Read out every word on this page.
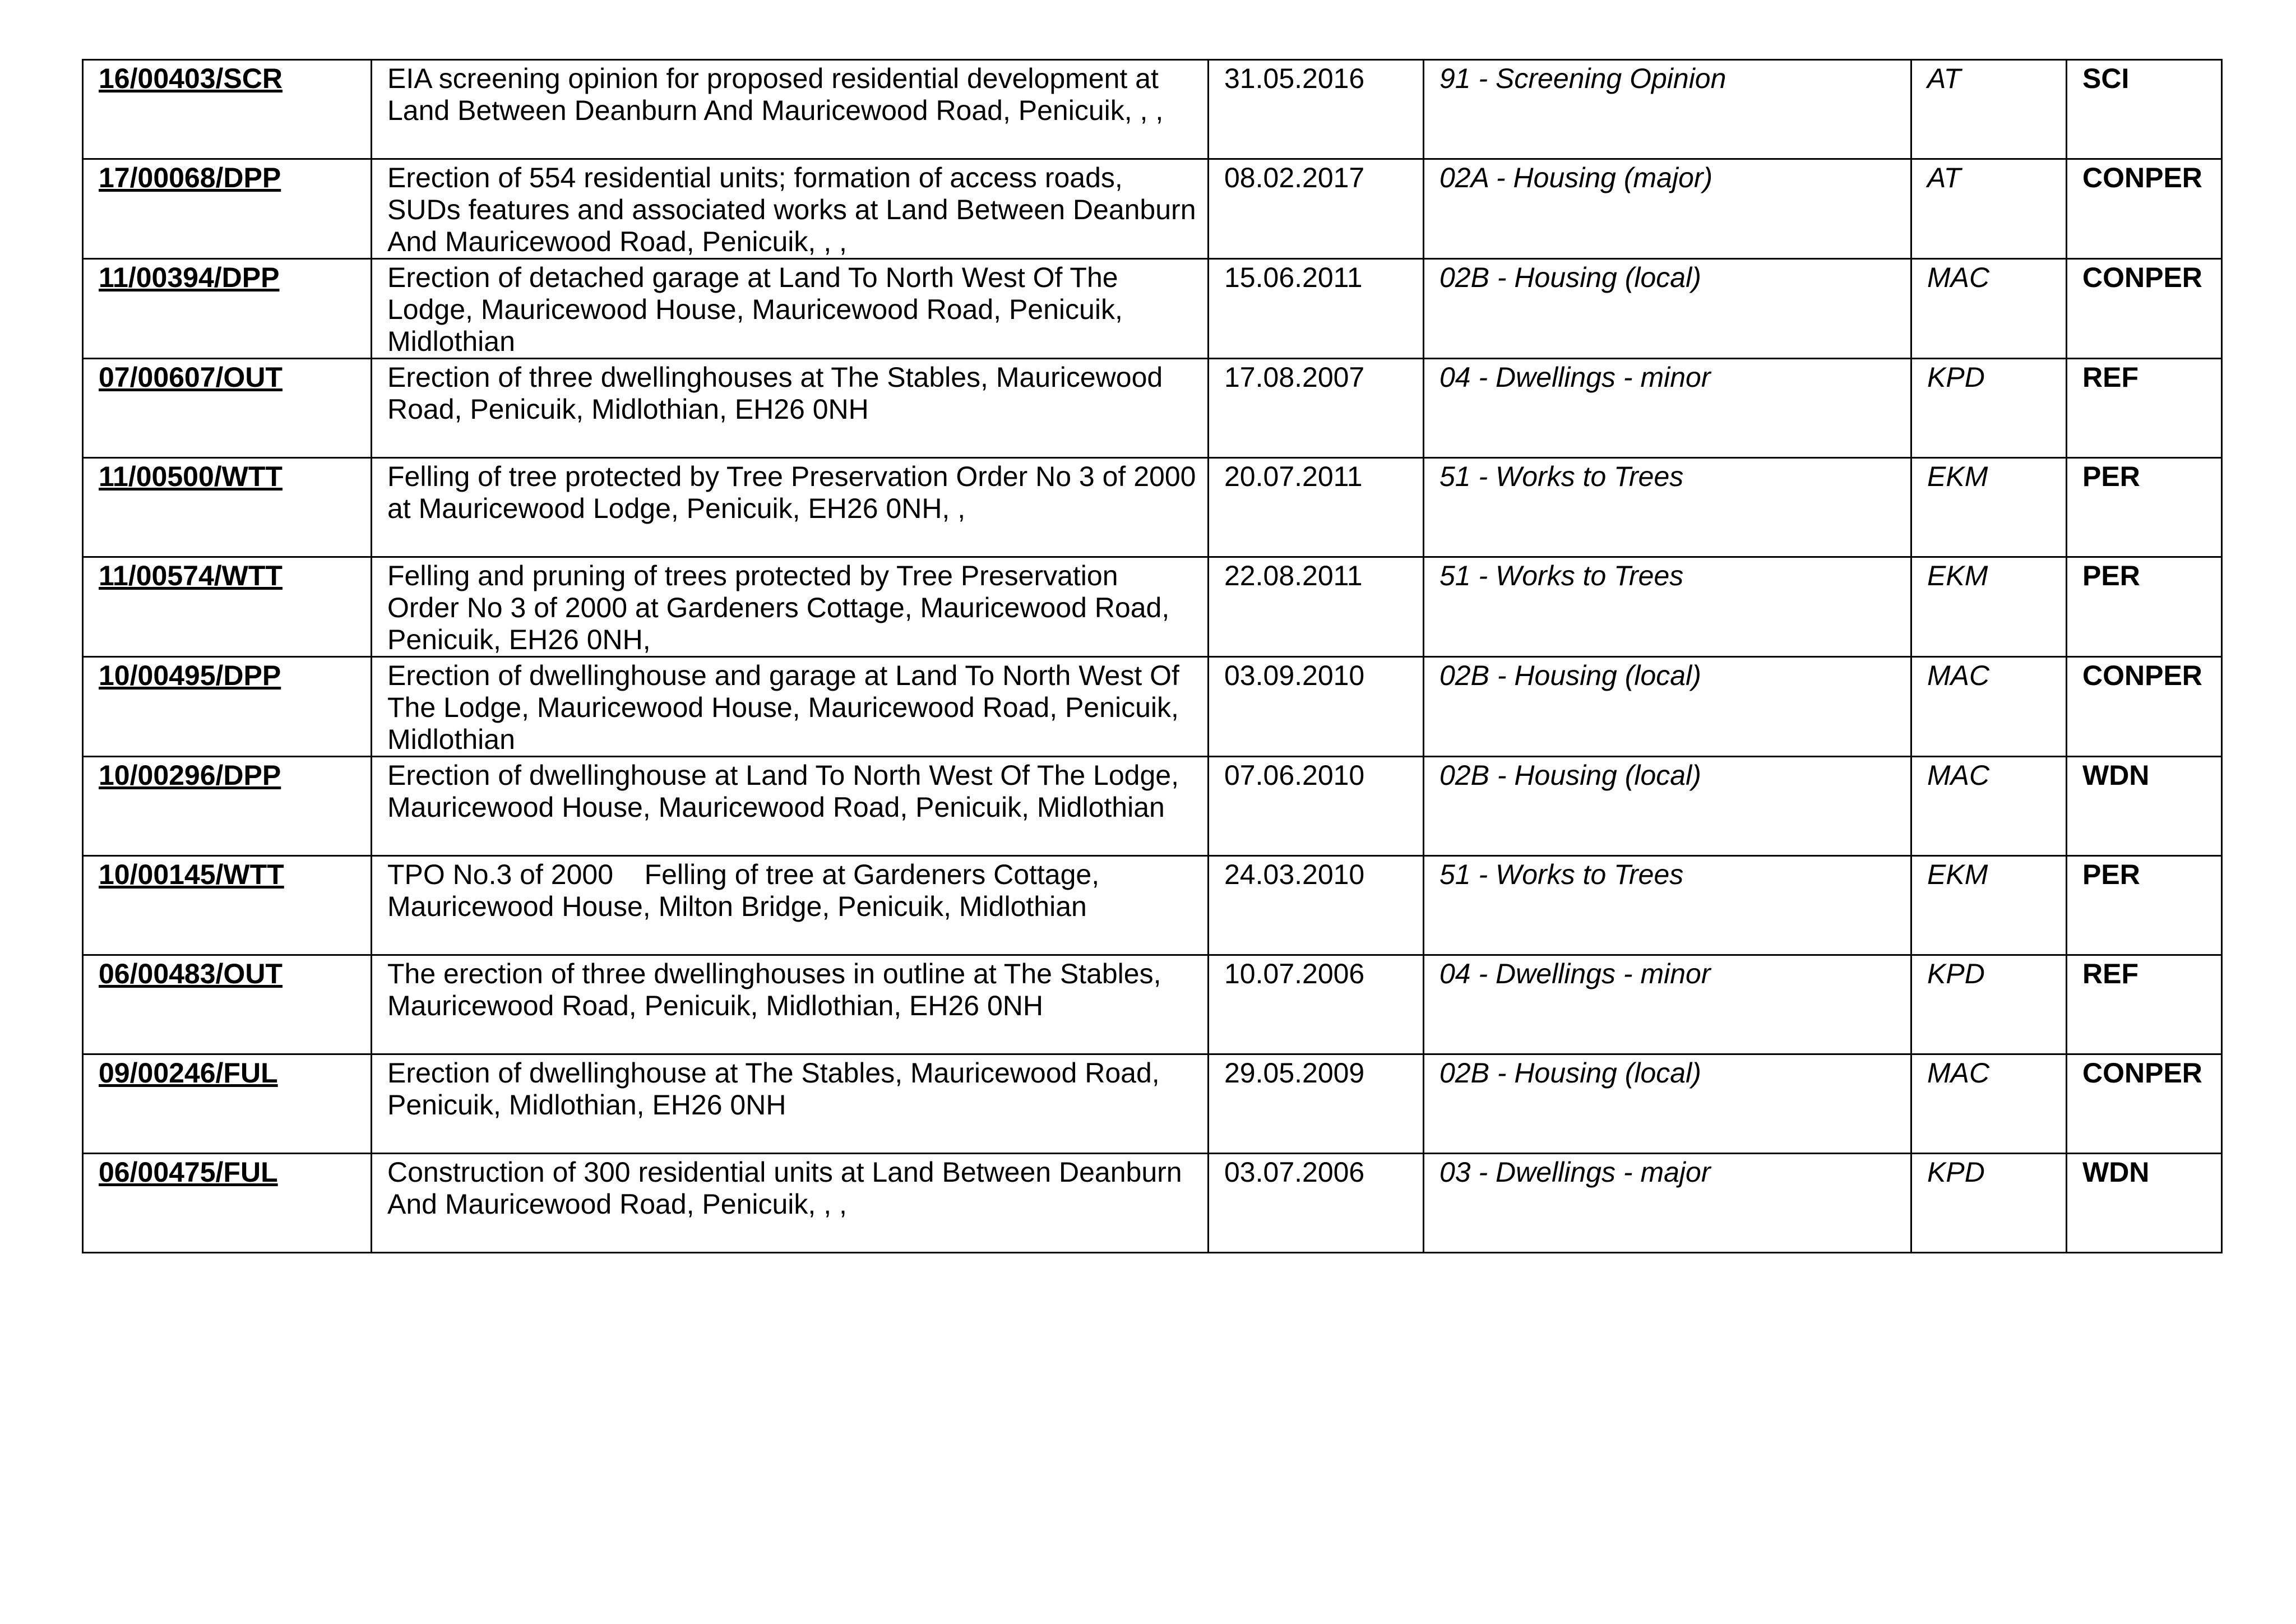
16/00403/SCR	EIA screening opinion for proposed residential development at Land Between Deanburn And Mauricewood Road, Penicuik, , ,	31.05.2016	91 - Screening Opinion	AT	SCI
17/00068/DPP	Erection of 554 residential units; formation of access roads, SUDs features and associated works at Land Between Deanburn And Mauricewood Road, Penicuik, , ,	08.02.2017	02A - Housing (major)	AT	CONPER
11/00394/DPP	Erection of detached garage at Land To North West Of The Lodge, Mauricewood House, Mauricewood Road, Penicuik, Midlothian	15.06.2011	02B - Housing (local)	MAC	CONPER
07/00607/OUT	Erection of three dwellinghouses at The Stables, Mauricewood Road, Penicuik, Midlothian, EH26 0NH	17.08.2007	04 - Dwellings - minor	KPD	REF
11/00500/WTT	Felling of tree protected by Tree Preservation Order No 3 of 2000 at Mauricewood Lodge, Penicuik, EH26 0NH, ,	20.07.2011	51 - Works to Trees	EKM	PER
11/00574/WTT	Felling and pruning of trees protected by Tree Preservation Order No 3 of 2000 at Gardeners Cottage, Mauricewood Road, Penicuik, EH26 0NH,	22.08.2011	51 - Works to Trees	EKM	PER
10/00495/DPP	Erection of dwellinghouse and garage at Land To North West Of The Lodge, Mauricewood House, Mauricewood Road, Penicuik, Midlothian	03.09.2010	02B - Housing (local)	MAC	CONPER
10/00296/DPP	Erection of dwellinghouse at Land To North West Of The Lodge, Mauricewood House, Mauricewood Road, Penicuik, Midlothian	07.06.2010	02B - Housing (local)	MAC	WDN
10/00145/WTT	TPO No.3 of 2000    Felling of tree at Gardeners Cottage, Mauricewood House, Milton Bridge, Penicuik, Midlothian	24.03.2010	51 - Works to Trees	EKM	PER
06/00483/OUT	The erection of three dwellinghouses in outline at The Stables, Mauricewood Road, Penicuik, Midlothian, EH26 0NH	10.07.2006	04 - Dwellings - minor	KPD	REF
09/00246/FUL	Erection of dwellinghouse at The Stables, Mauricewood Road, Penicuik, Midlothian, EH26 0NH	29.05.2009	02B - Housing (local)	MAC	CONPER
06/00475/FUL	Construction of 300 residential units at Land Between Deanburn And Mauricewood Road, Penicuik, , ,	03.07.2006	03 - Dwellings - major	KPD	WDN
